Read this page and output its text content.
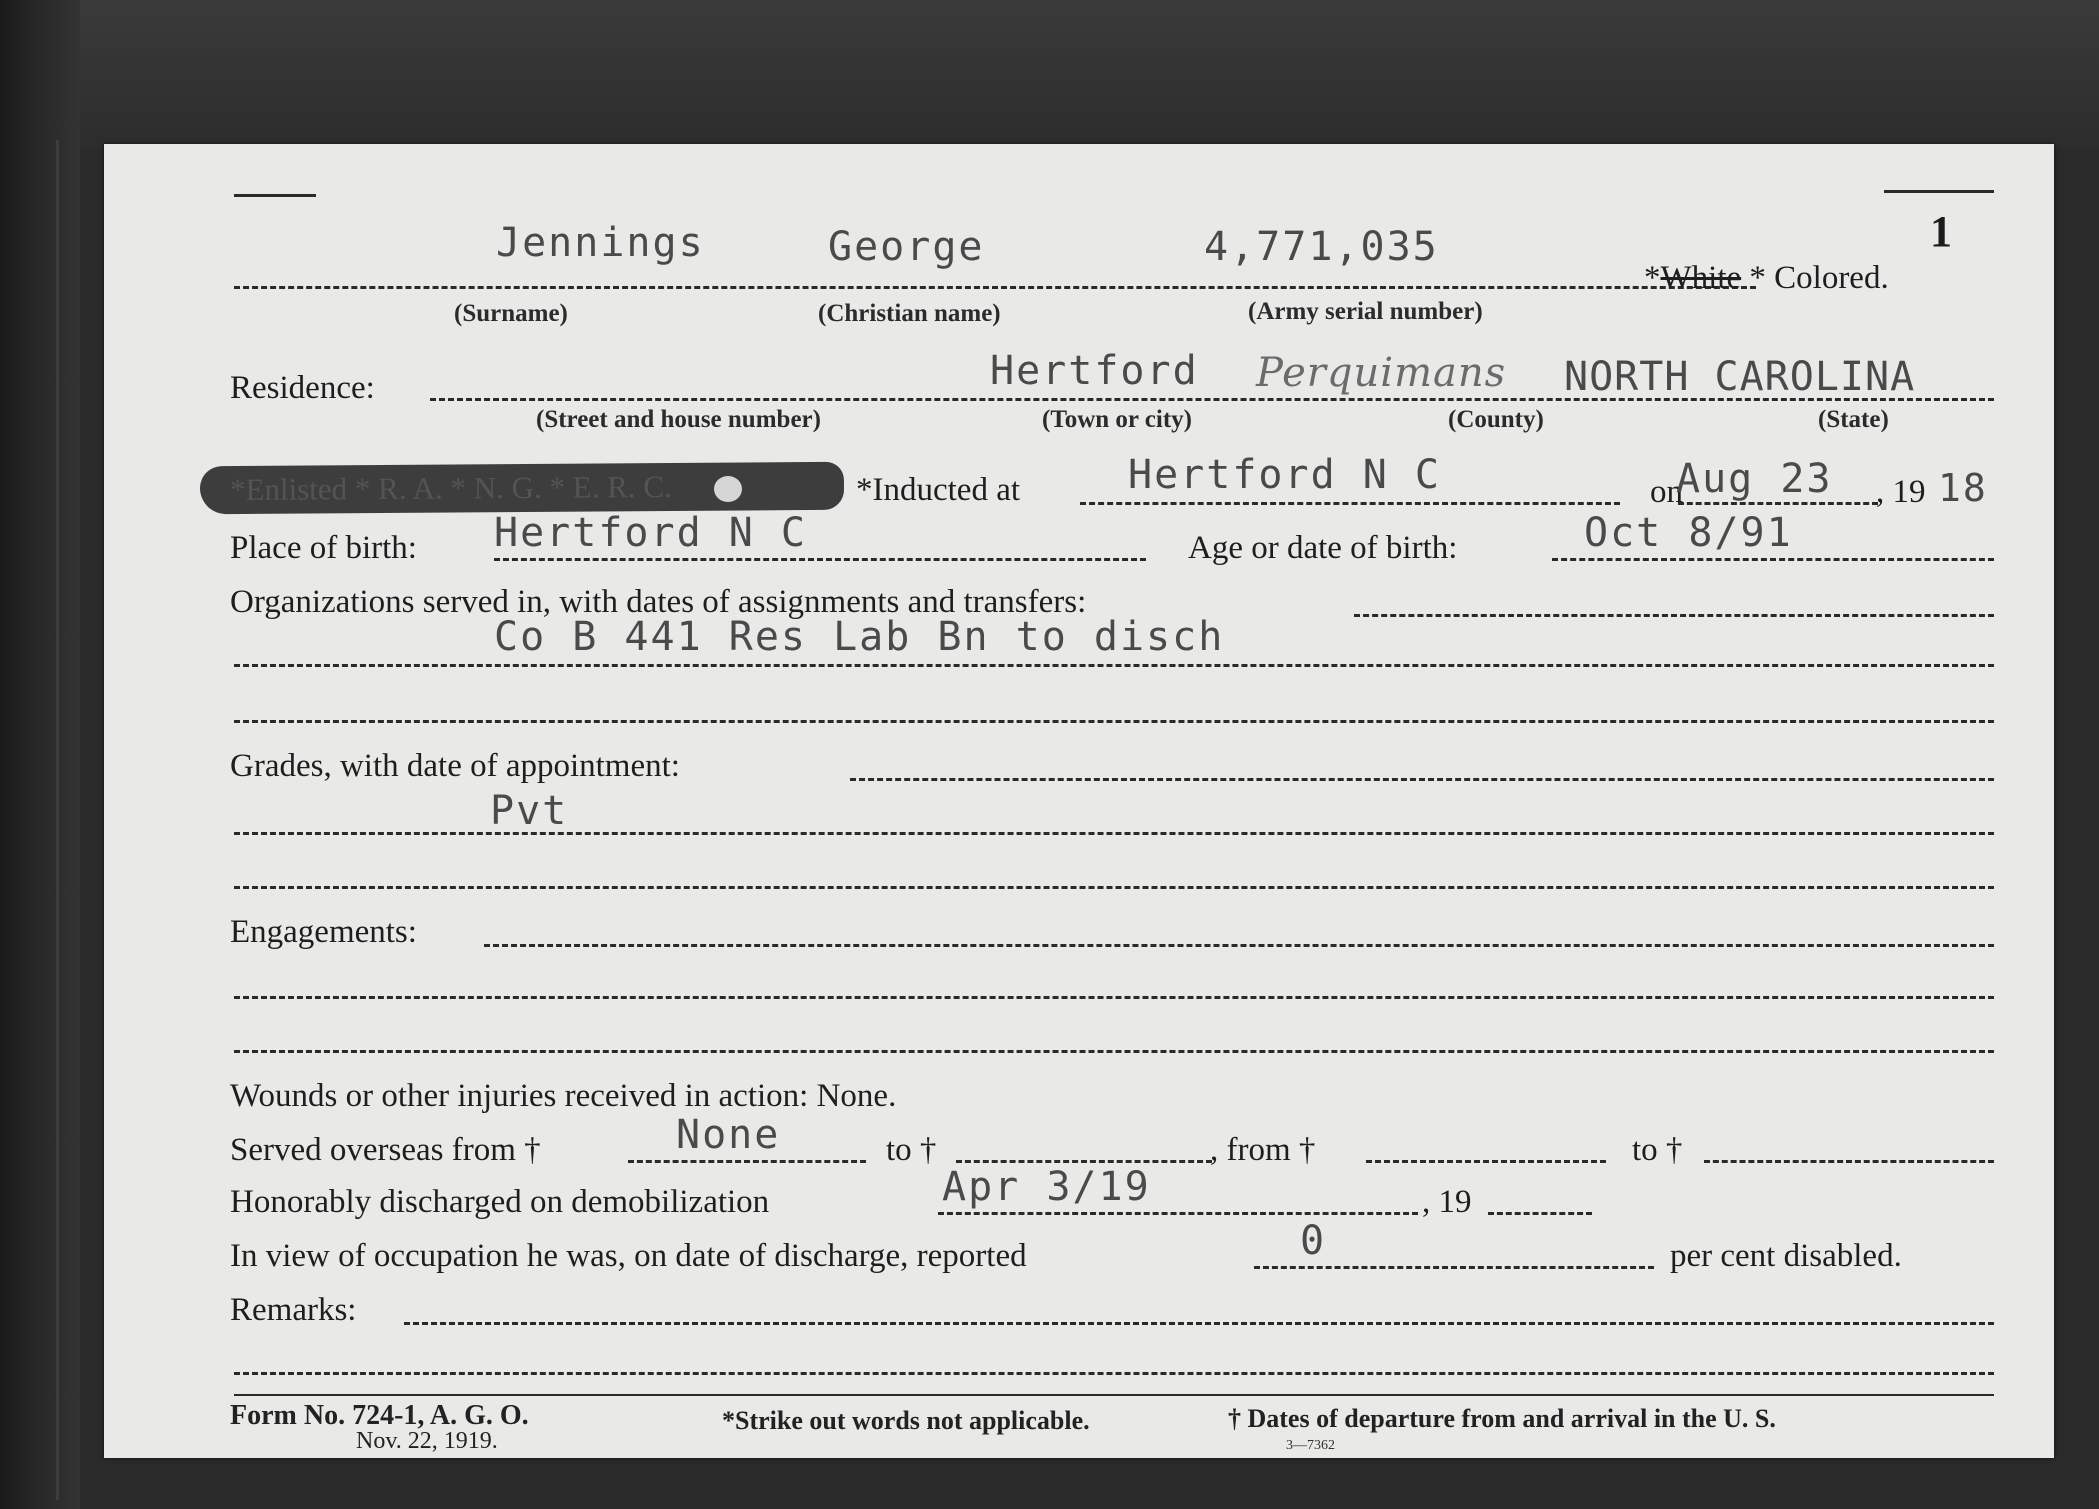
1
Jennings	George	4,771,035
*White * Colored.
(Surname)	(Christian name)	(Army serial number)
Residence:	Hertford Perquimans NORTH CAROLINA
(Street and house number)	(Town or city)	(County)	(State)
*Enlisted * R. A. * N. G. * E. R. C.	*Inducted at	Hertford N C	on
Aug 23 , 19 18
Place of birth: Hertford N C	Age or date of birth:	Oct 8/91
Organizations served in, with dates of assignments and transfers:
Co B 441 Res Lab Bn to disch
Grades, with date of appointment:
Pvt
Engagements:
Wounds or other injuries received in action: None.
Served overseas from †	None	to †	, from †	to †
Honorably discharged on demobilization	Apr 3/19	, 19
In view of occupation he was, on date of discharge, reported	0	per cent disabled.
Remarks:
Form No. 724-1, A. G. O.
Nov. 22, 1919.
*Strike out words not applicable.	† Dates of departure from and arrival in the U. S.
3—7362
